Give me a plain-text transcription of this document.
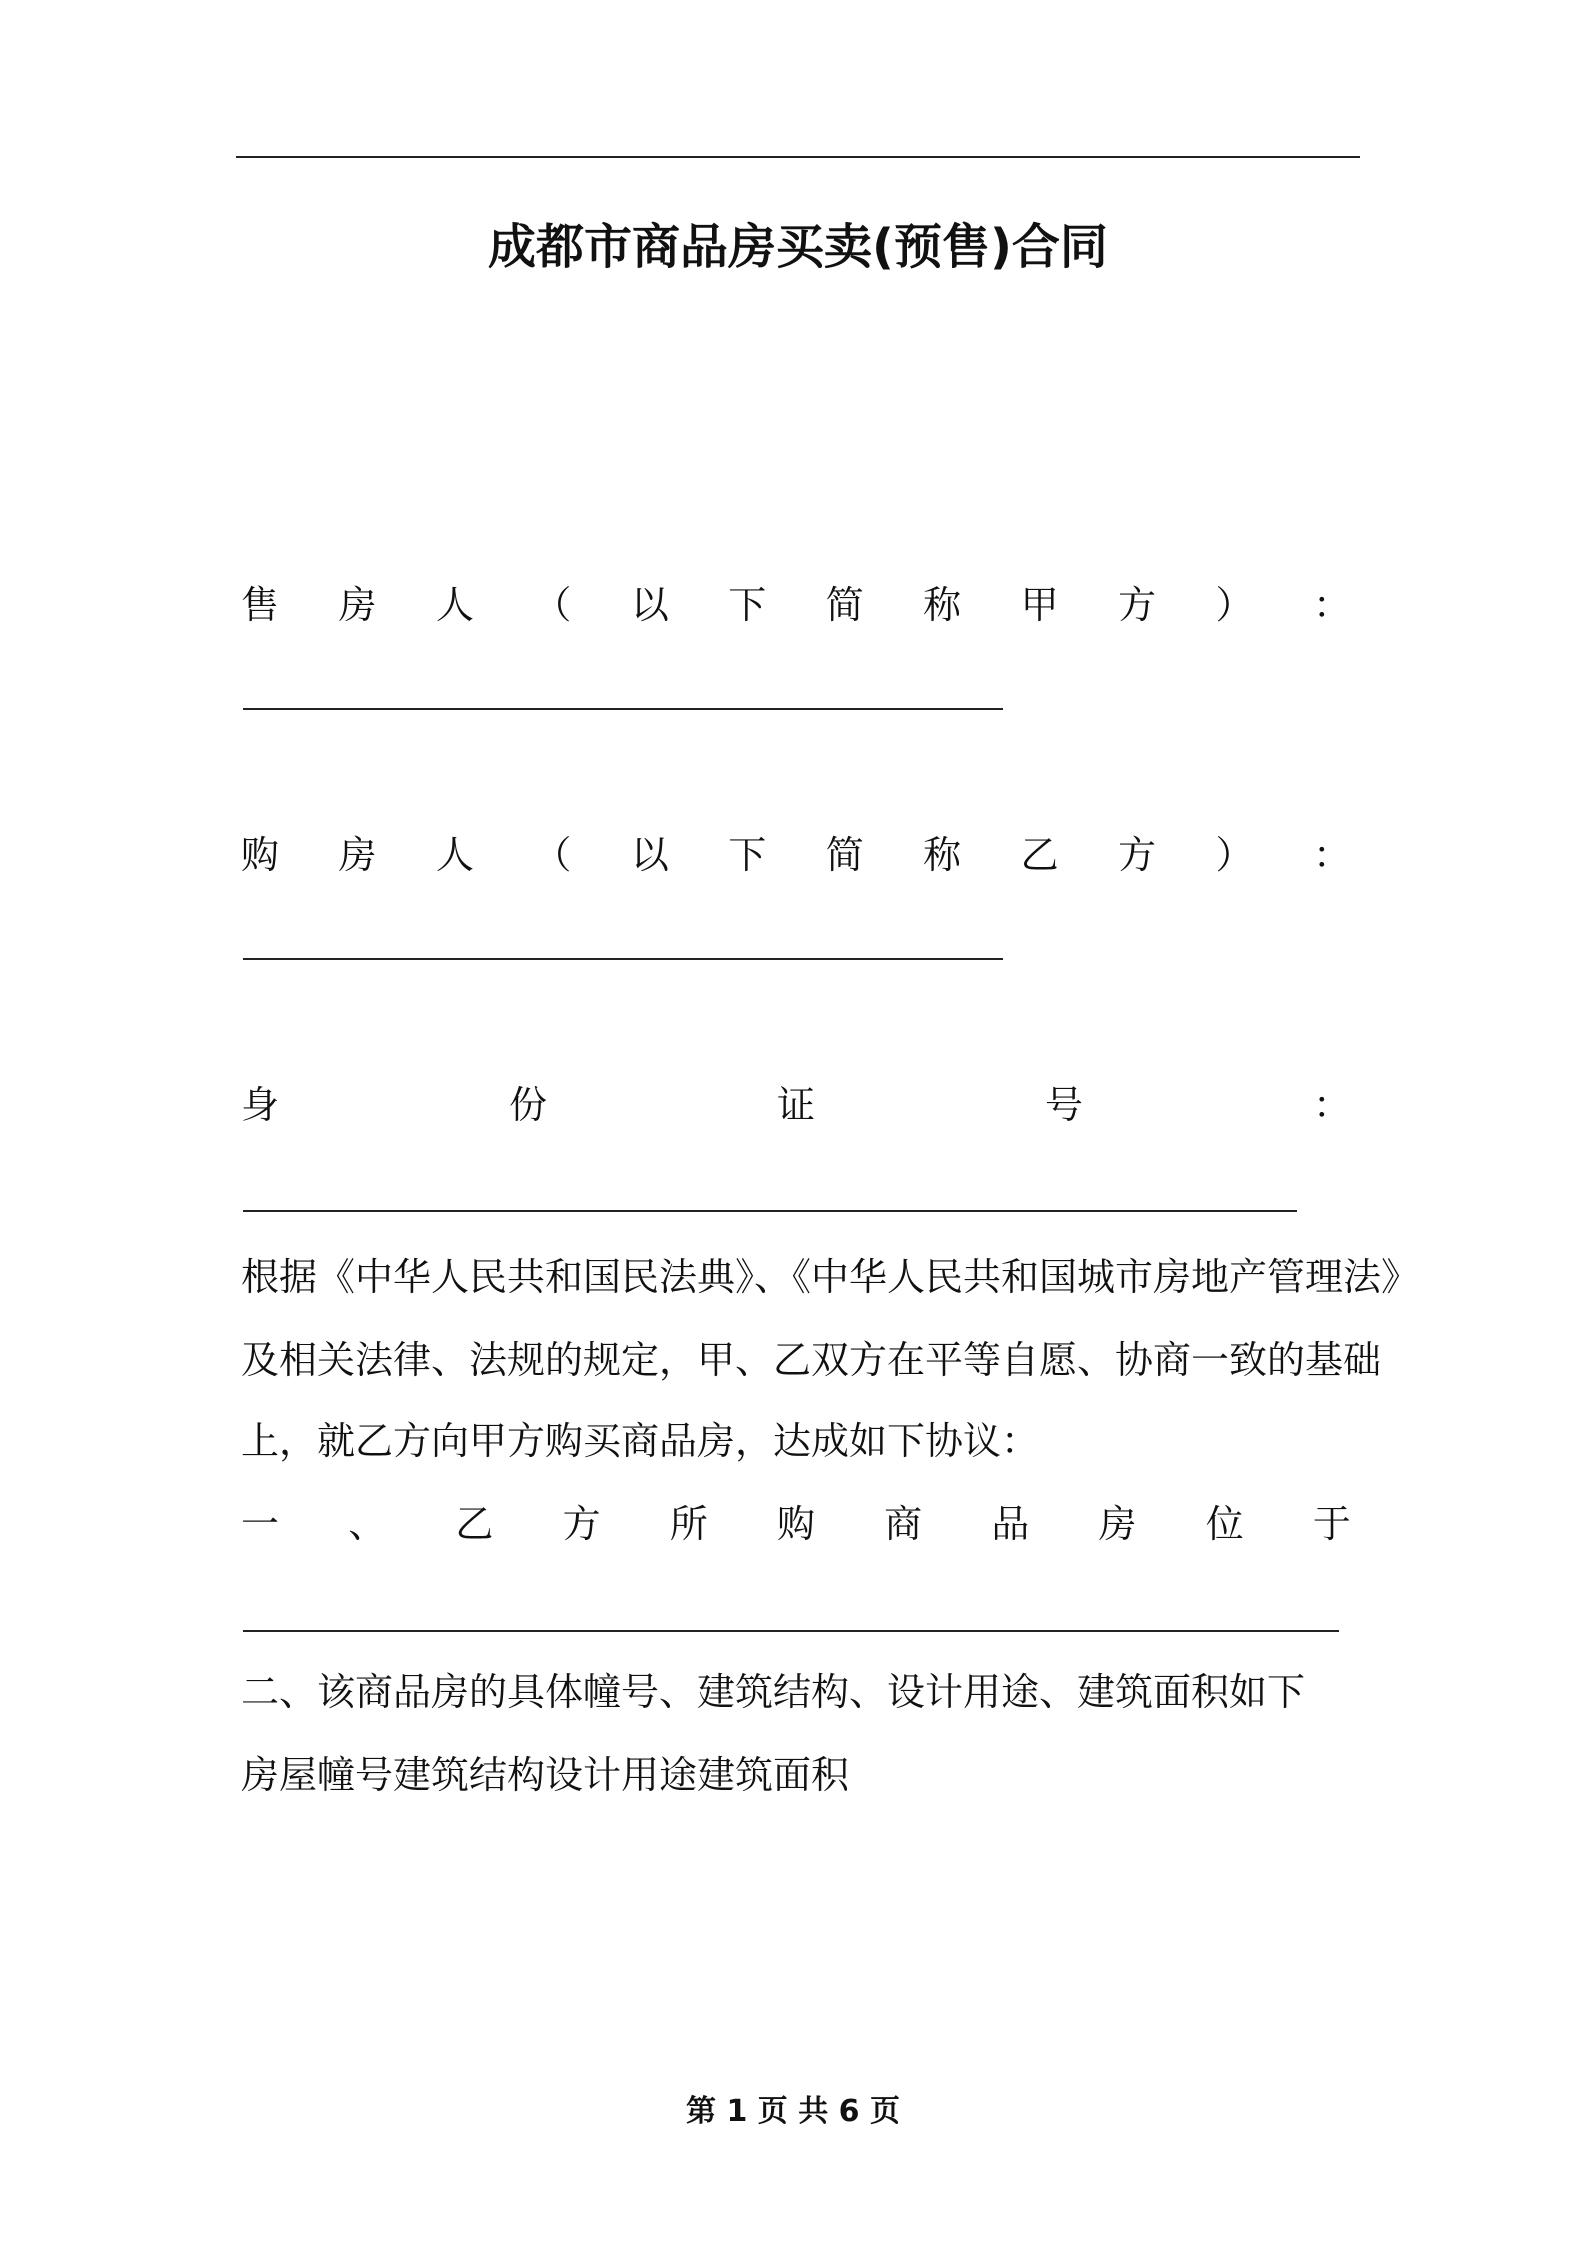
成都市商品房买卖(预售)合同
售 房 人 （ 以 下 简 称 甲 方 ） ：
购 房 人 （ 以 下 简 称 乙 方 ） ：
身	份	证	号	：
根据《中华人民共和国民法典》、《中华人民共和国城市房地产管理法》
及相关法律、法规的规定，甲、乙双方在平等自愿、协商一致的基础
上，就乙方向甲方购买商品房，达成如下协议：
一 、 乙 方 所 购 商 品 房 位 于
二、该商品房的具体幢号、建筑结构、设计用途、建筑面积如下
房屋幢号建筑结构设计用途建筑面积
第 1 页 共 6 页
